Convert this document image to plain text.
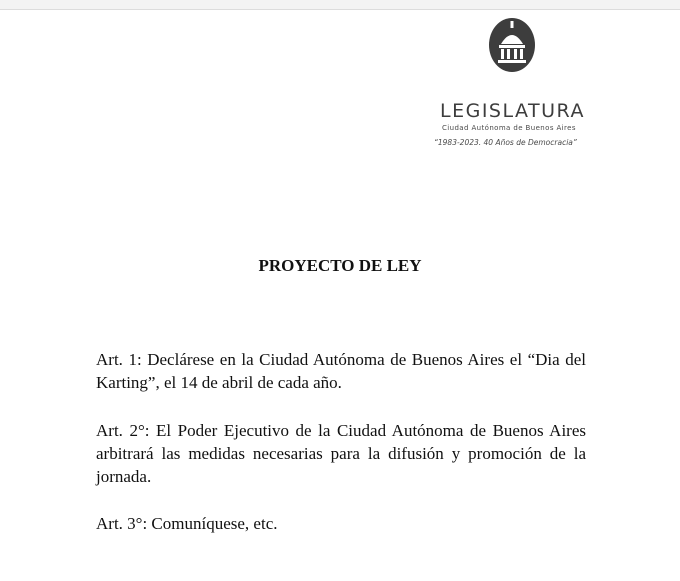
LEGISLATURA
Ciudad Autónoma de Buenos Aires
“1983-2023. 40 Años de Democracia”
PROYECTO DE LEY
Art. 1: Declárese en la Ciudad Autónoma de Buenos Aires el “Dia del Karting”, el 14 de abril de cada año.
Art. 2°: El Poder Ejecutivo de la Ciudad Autónoma de Buenos Aires arbitrará las medidas necesarias para la difusión y promoción de la jornada.
Art. 3°: Comuníquese, etc.
